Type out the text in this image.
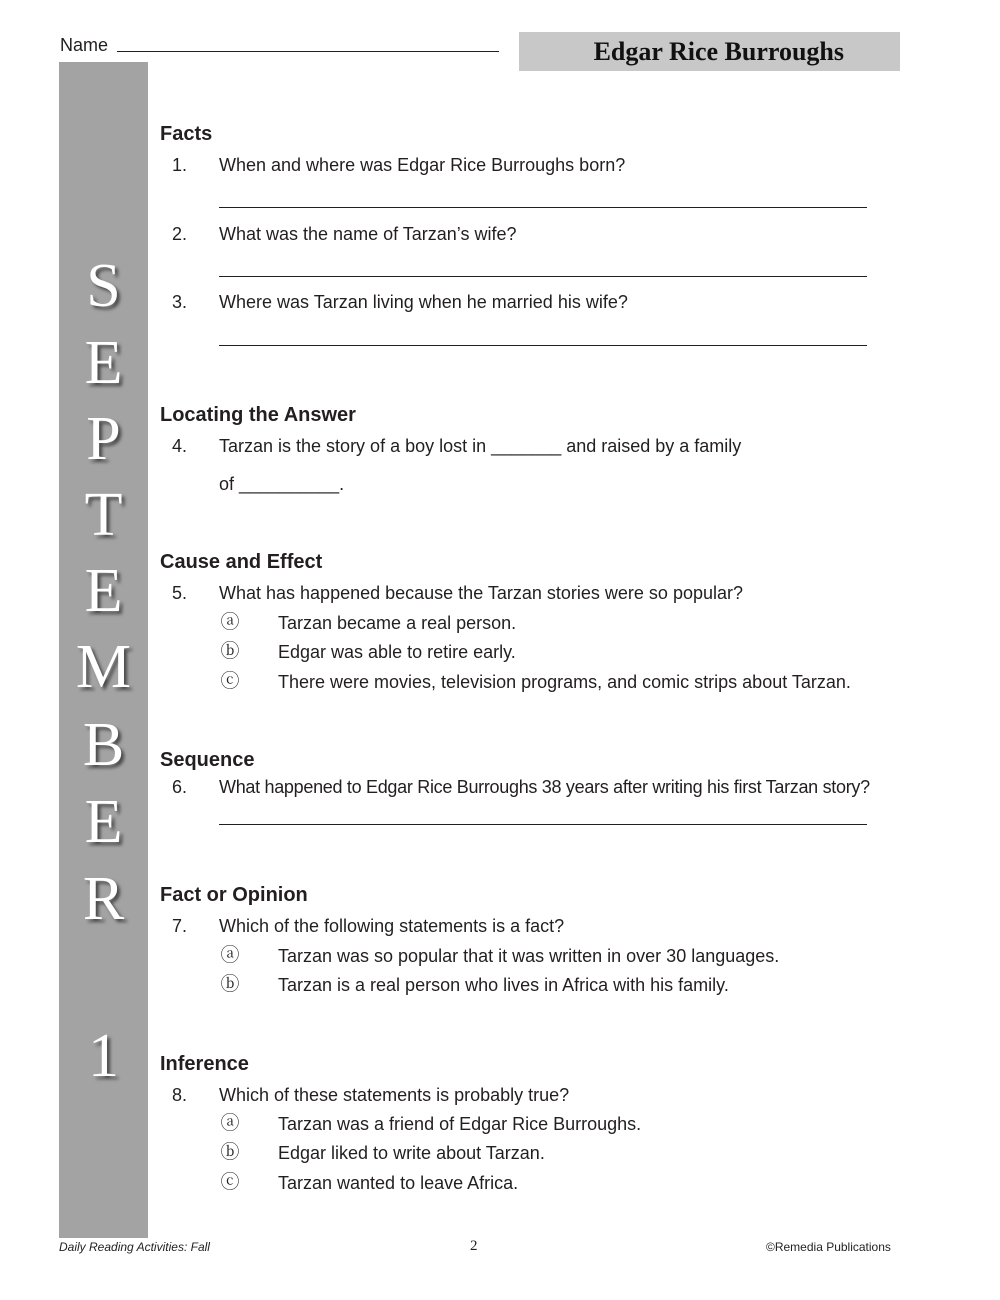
Name	Edgar Rice Burroughs
S
E
P
T
E
M
B
E
R
1
Facts
1. When and where was Edgar Rice Burroughs born?
2. What was the name of Tarzan’s wife?
3. Where was Tarzan living when he married his wife?
Locating the Answer
4. Tarzan is the story of a boy lost in _______ and raised by a family
of __________.
Cause and Effect
5. What has happened because the Tarzan stories were so popular?
ⓐ Tarzan became a real person.
ⓑ Edgar was able to retire early.
ⓒ There were movies, television programs, and comic strips about Tarzan.
Sequence
6. What happened to Edgar Rice Burroughs 38 years after writing his first Tarzan story?
Fact or Opinion
7. Which of the following statements is a fact?
ⓐ Tarzan was so popular that it was written in over 30 languages.
ⓑ Tarzan is a real person who lives in Africa with his family.
Inference
8. Which of these statements is probably true?
ⓐ Tarzan was a friend of Edgar Rice Burroughs.
ⓑ Edgar liked to write about Tarzan.
ⓒ Tarzan wanted to leave Africa.
Daily Reading Activities: Fall	2	©Remedia Publications
